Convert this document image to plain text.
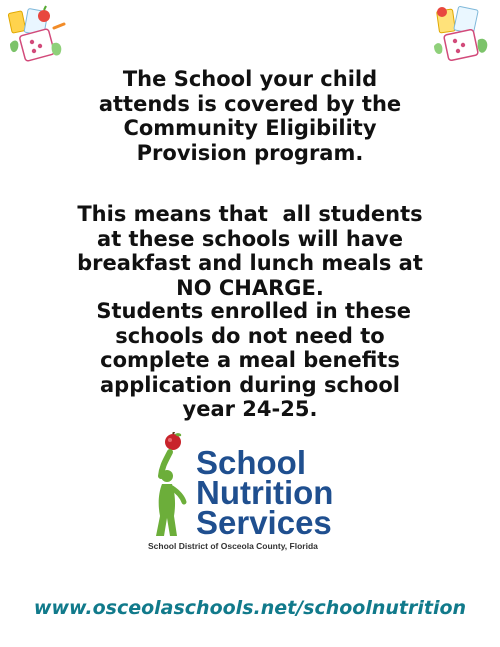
The School your child
attends is covered by the
Community Eligibility
Provision program.
This means that  all students
at these schools will have
breakfast and lunch meals at
NO CHARGE.
Students enrolled in these
schools do not need to
complete a meal benefits
application during school
year 24-25.
School
Nutrition
Services
School District of Osceola County, Florida
www.osceolaschools.net/schoolnutrition
